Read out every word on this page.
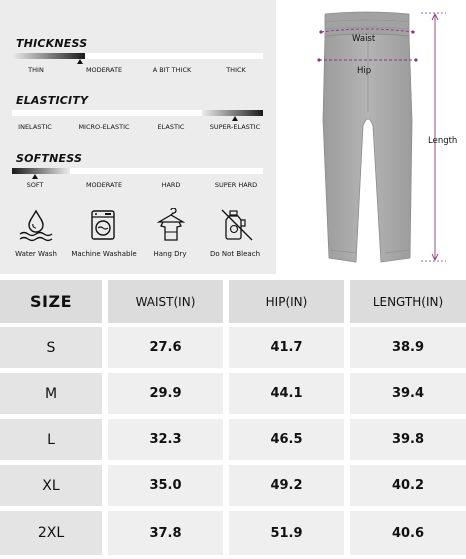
THICKNESS
THIN	MODERATE	A BIT THICK	THICK
ELASTICITY
INELASTIC	MICRO-ELASTIC	ELASTIC	SUPER-ELASTIC
SOFTNESS
SOFT	MODERATE	HARD	SUPER HARD
Water Wash Machine Washable Hang Dry	Do Not Bleach
Waist
Hip
Length
SIZE	WAIST(IN)	HIP(IN)	LENGTH(IN)
S	27.6	41.7	38.9
M	29.9	44.1	39.4
L	32.3	46.5	39.8
XL	35.0	49.2	40.2
2XL	37.8	51.9	40.6
